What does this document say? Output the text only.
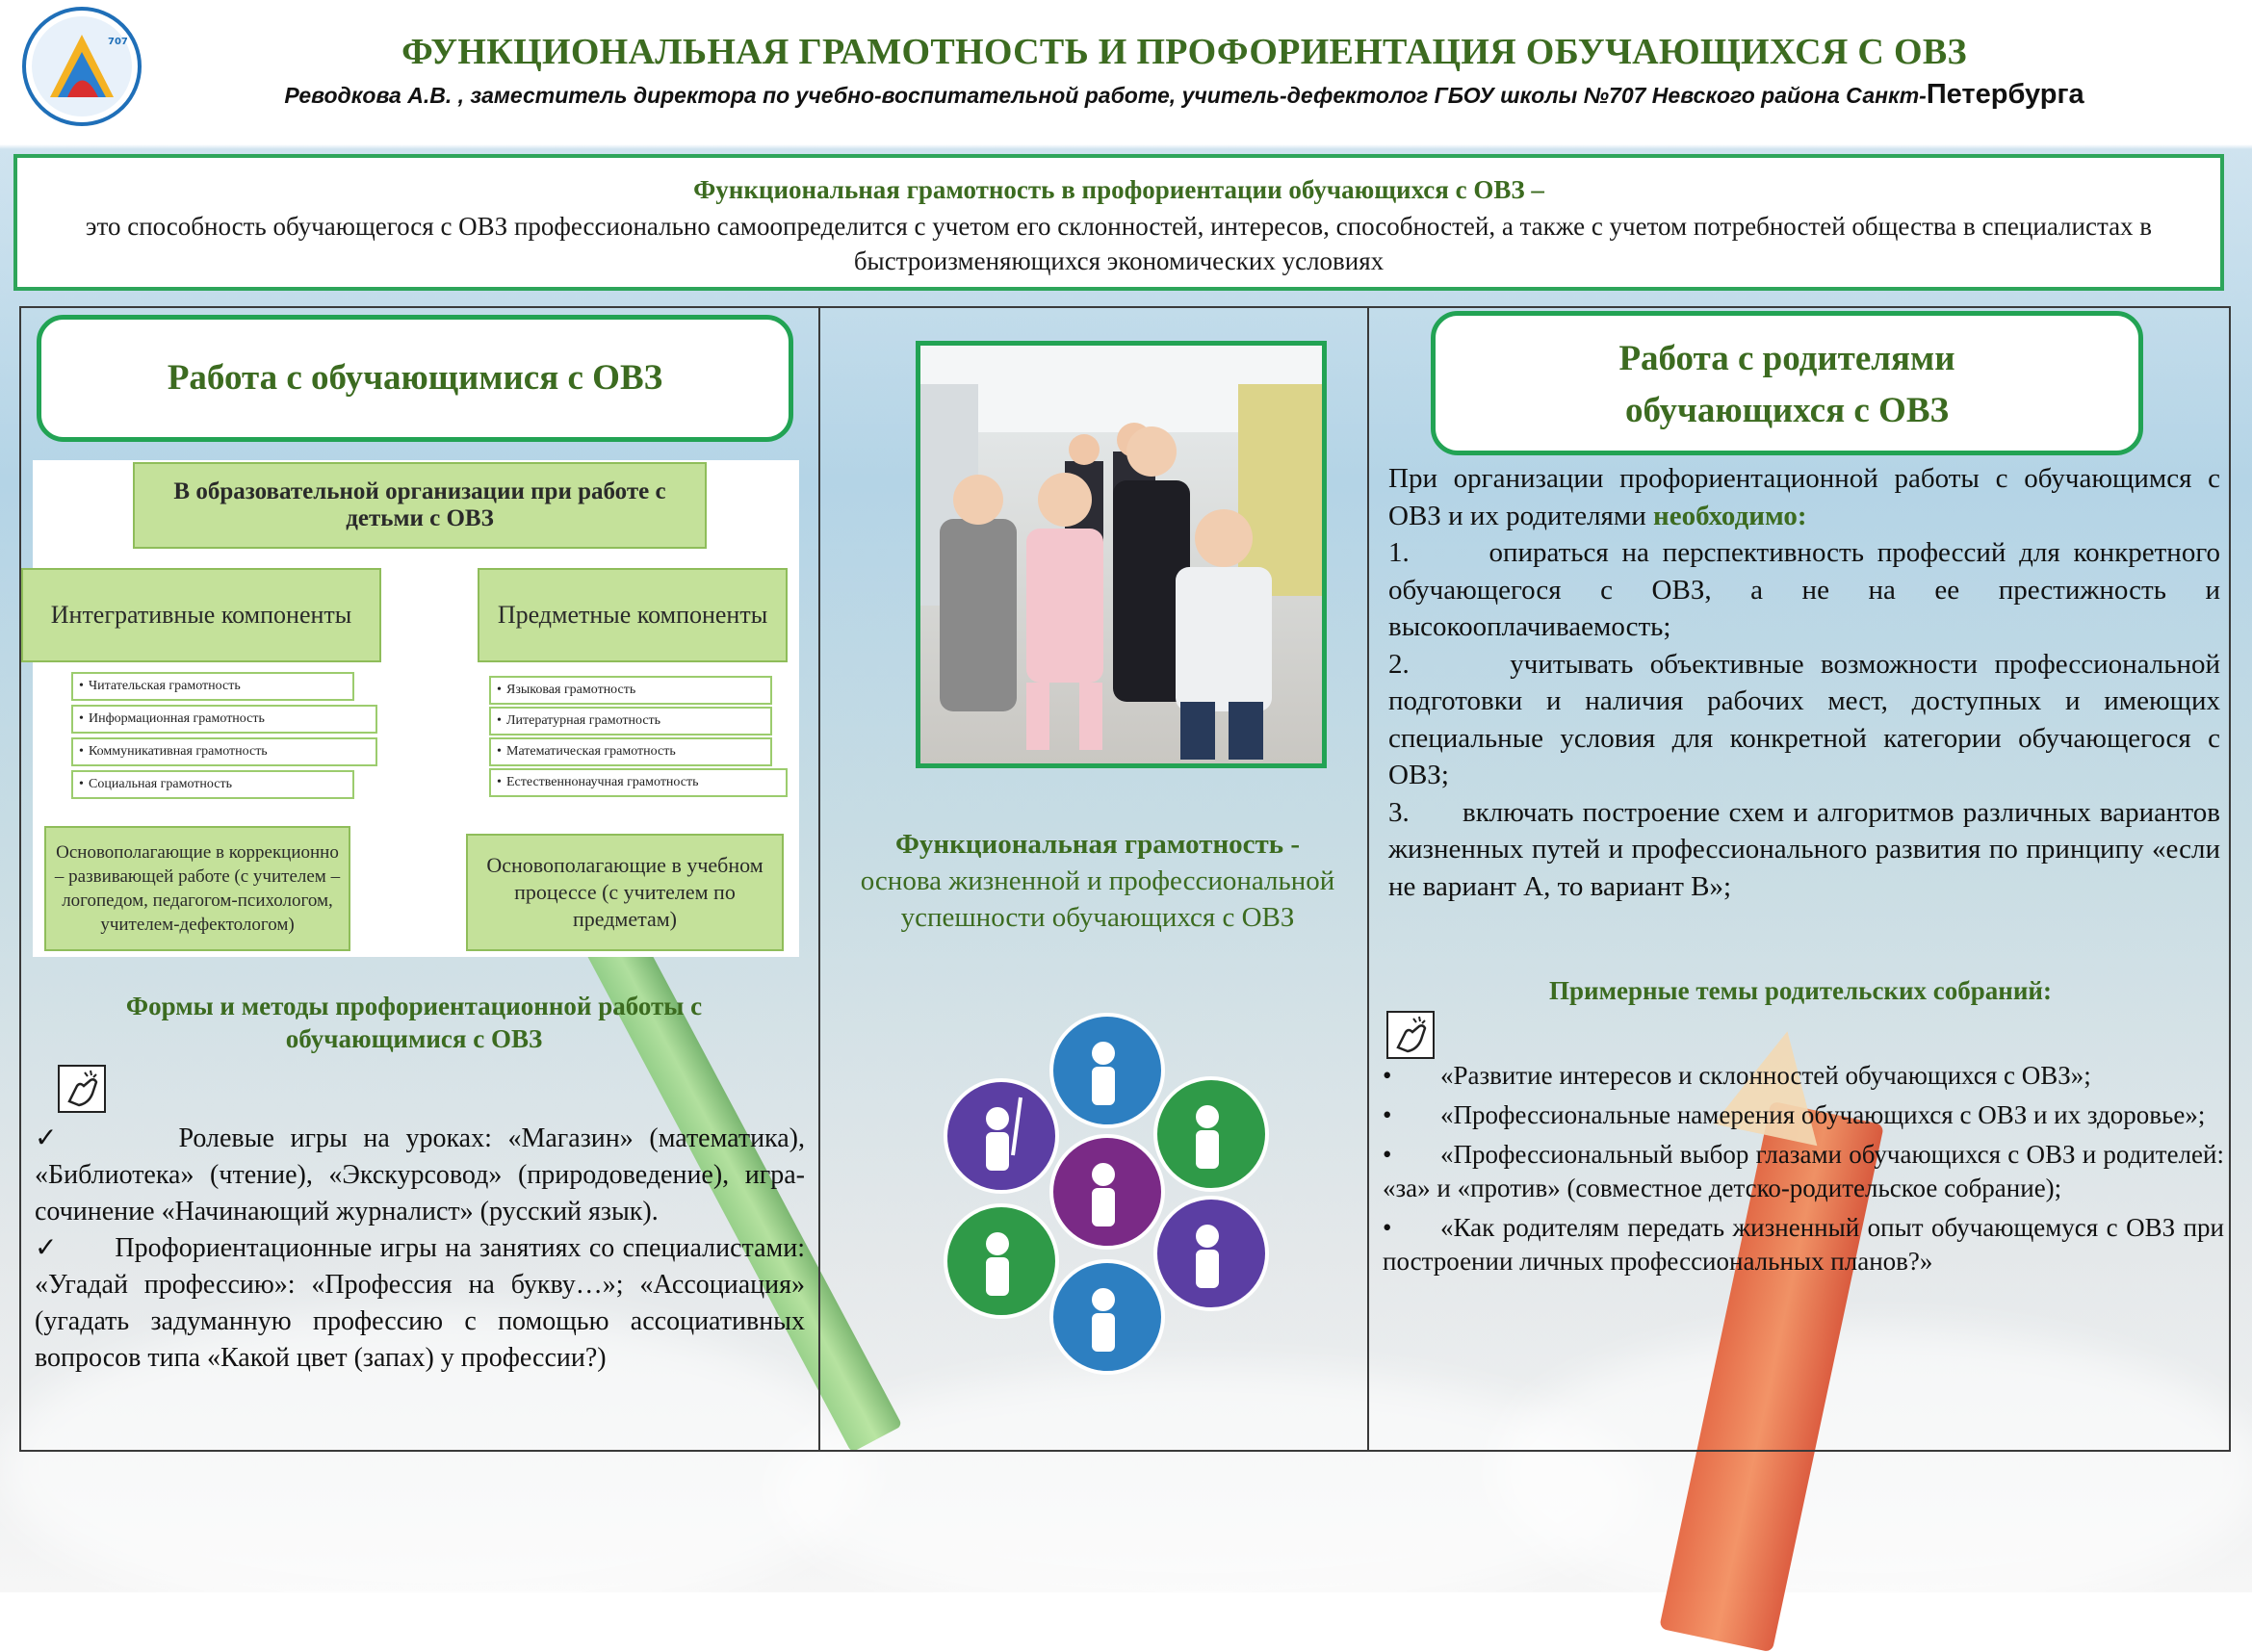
707	ФУНКЦИОНАЛЬНАЯ ГРАМОТНОСТЬ И ПРОФОРИЕНТАЦИЯ ОБУЧАЮЩИХСЯ С ОВЗ
Реводкова А.В. , заместитель директора по учебно-воспитательной работе, учитель-дефектолог ГБОУ школы №707 Невского района Санкт-Петербурга
Функциональная грамотность в профориентации обучающихся с ОВЗ –
это способность обучающегося с ОВЗ профессионально самоопределится с учетом его склонностей, интересов, способностей, а также с учетом потребностей общества в специалистах в быстроизменяющихся экономических условиях
Работа с обучающимися с ОВЗ
В образовательной организации при работе с детьми с ОВЗ
Интегративные компоненты	Предметные компоненты
• Читательская грамотность
• Информационная грамотность
• Коммуникативная грамотность
• Социальная грамотность
• Языковая грамотность
• Литературная грамотность
• Математическая грамотность
• Естественнонаучная грамотность
Основополагающие в коррекционно – развивающей работе (с учителем –логопедом, педагогом-психологом, учителем-дефектологом)
Основополагающие в учебном процессе (с учителем по предметам)
Формы и методы профориентационной работы с обучающимися с ОВЗ

✓	Ролевые игры на уроках: «Магазин» (математика), «Библиотека» (чтение), «Экскурсовод» (природоведение), игра-сочинение «Начинающий журналист» (русский язык).

✓ Профориентационные игры на занятиях со специалистами: «Угадай профессию»: «Профессия на букву…»; «Ассоциация» (угадать задуманную профессию с помощью ассоциативных вопросов типа «Какой цвет (запах) у профессии?)

Функциональная грамотность -
основа жизненной и профессиональной успешности обучающихся с ОВЗ
Работа с родителями
обучающихся с ОВЗ

При организации профориентационной работы с обучающимся с ОВЗ и их родителями необходимо:

1.      опираться на перспективность профессий для конкретного обучающегося с ОВЗ, а не на ее престижность и высокооплачиваемость;

2.      учитывать объективные возможности профессиональной подготовки и наличия рабочих мест, доступных и имеющих специальные условия для конкретной категории обучающегося с ОВЗ;

3.      включать построение схем и алгоритмов различных вариантов жизненных путей и профессионального развития по принципу «если не вариант А, то вариант В»;

Примерные темы родительских собраний:

• «Развитие интересов и склонностей обучающихся с ОВЗ»;

• «Профессиональные намерения обучающихся с ОВЗ и их здоровье»;

• «Профессиональный выбор глазами обучающихся с ОВЗ и родителей: «за» и «против» (совместное детско-родительское собрание);

• «Как родителям передать жизненный опыт обучающемуся с ОВЗ при построении личных профессиональных планов?»
